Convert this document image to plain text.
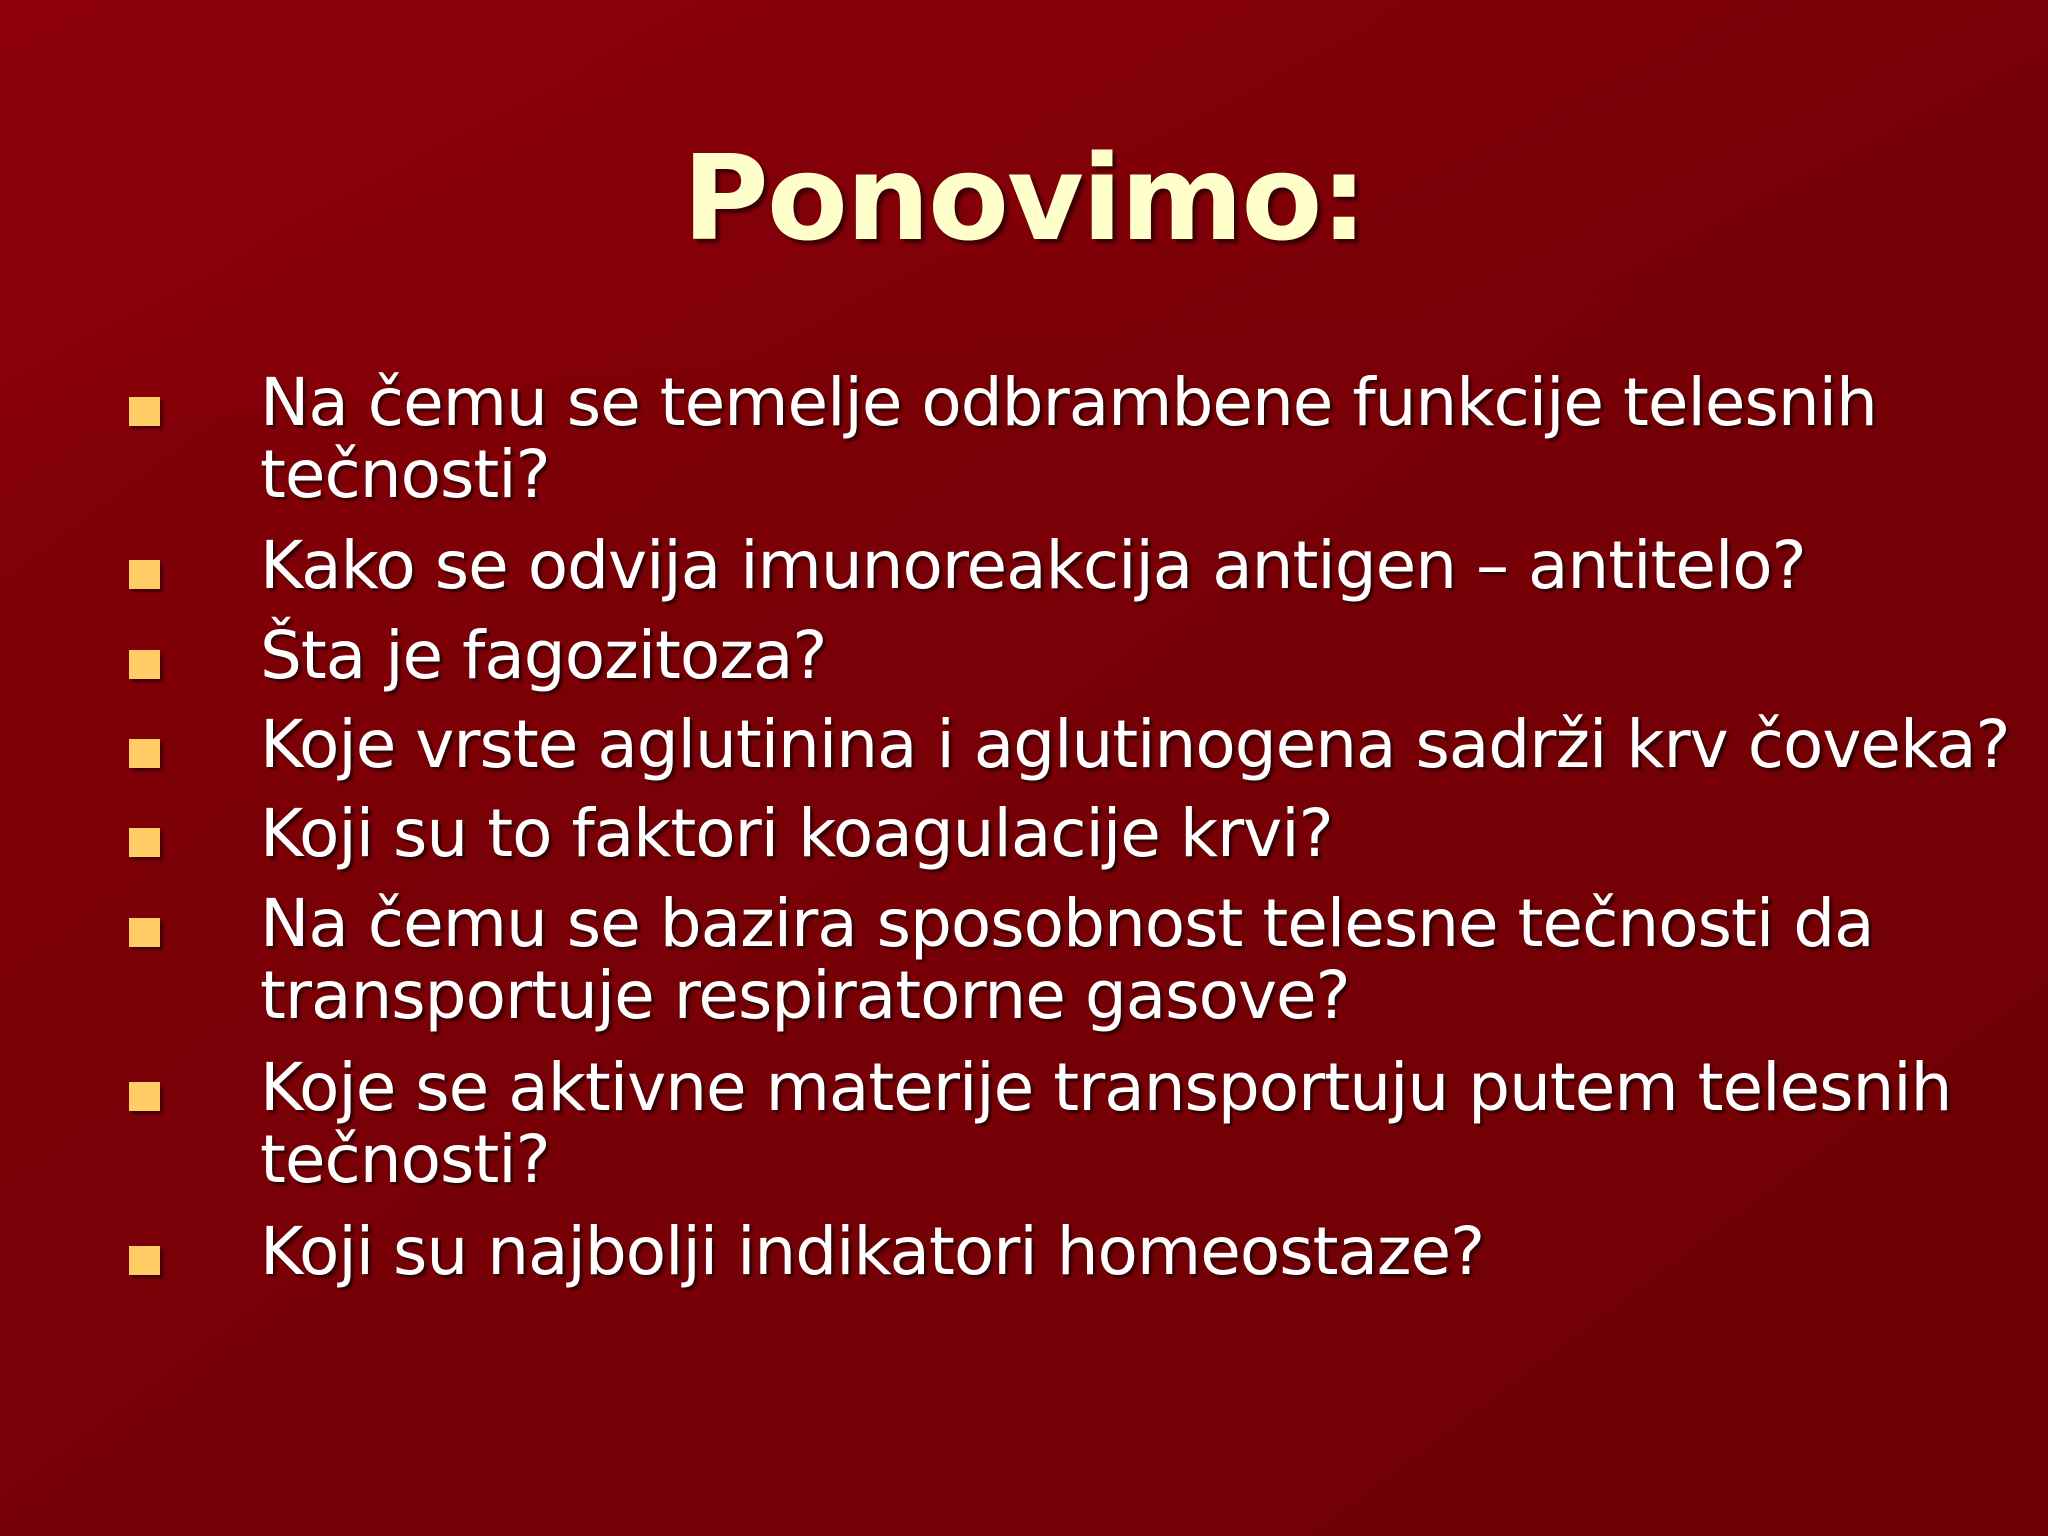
Ponovimo:
Na čemu se temelje odbrambene funkcije telesnih
tečnosti?
Kako se odvija imunoreakcija antigen – antitelo?
Šta je fagozitoza?
Koje vrste aglutinina i aglutinogena sadrži krv čoveka?
Koji su to faktori koagulacije krvi?
Na čemu se bazira sposobnost telesne tečnosti da
transportuje respiratorne gasove?
Koje se aktivne materije transportuju putem telesnih
tečnosti?
Koji su najbolji indikatori homeostaze?
